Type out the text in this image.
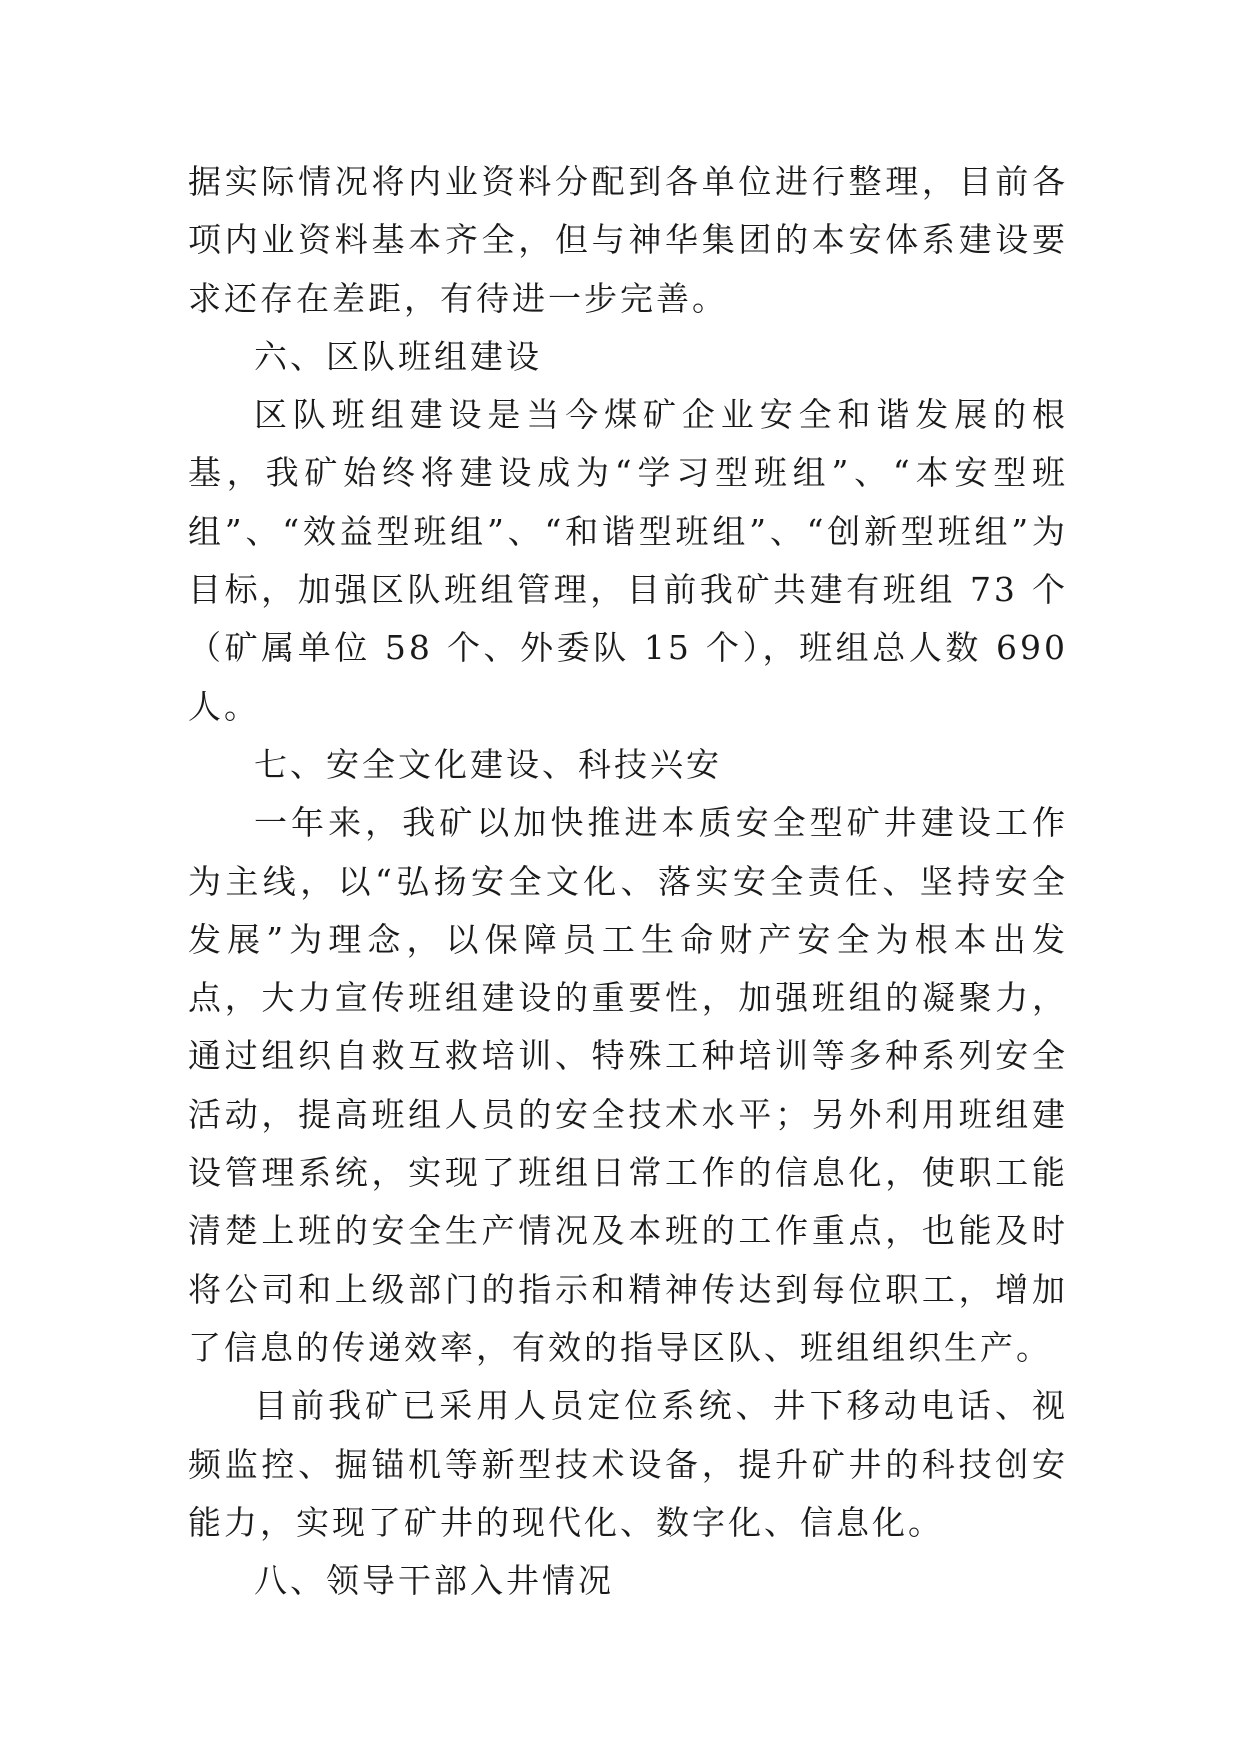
据实际情况将内业资料分配到各单位进行整理，目前各项内业资料基本齐全，但与神华集团的本安体系建设要求还存在差距，有待进一步完善。

六、区队班组建设

区队班组建设是当今煤矿企业安全和谐发展的根基，我矿始终将建设成为“学习型班组”、“本安型班组”、“效益型班组”、“和谐型班组”、“创新型班组”为目标，加强区队班组管理，目前我矿共建有班组 73 个（矿属单位 58 个、外委队 15 个），班组总人数 690 人。

七、安全文化建设、科技兴安

一年来，我矿以加快推进本质安全型矿井建设工作为主线，以“弘扬安全文化、落实安全责任、坚持安全发展”为理念，以保障员工生命财产安全为根本出发点，大力宣传班组建设的重要性，加强班组的凝聚力，通过组织自救互救培训、特殊工种培训等多种系列安全活动，提高班组人员的安全技术水平；另外利用班组建设管理系统，实现了班组日常工作的信息化，使职工能清楚上班的安全生产情况及本班的工作重点，也能及时将公司和上级部门的指示和精神传达到每位职工，增加了信息的传递效率，有效的指导区队、班组组织生产。

目前我矿已采用人员定位系统、井下移动电话、视频监控、掘锚机等新型技术设备，提升矿井的科技创安能力，实现了矿井的现代化、数字化、信息化。

八、领导干部入井情况
